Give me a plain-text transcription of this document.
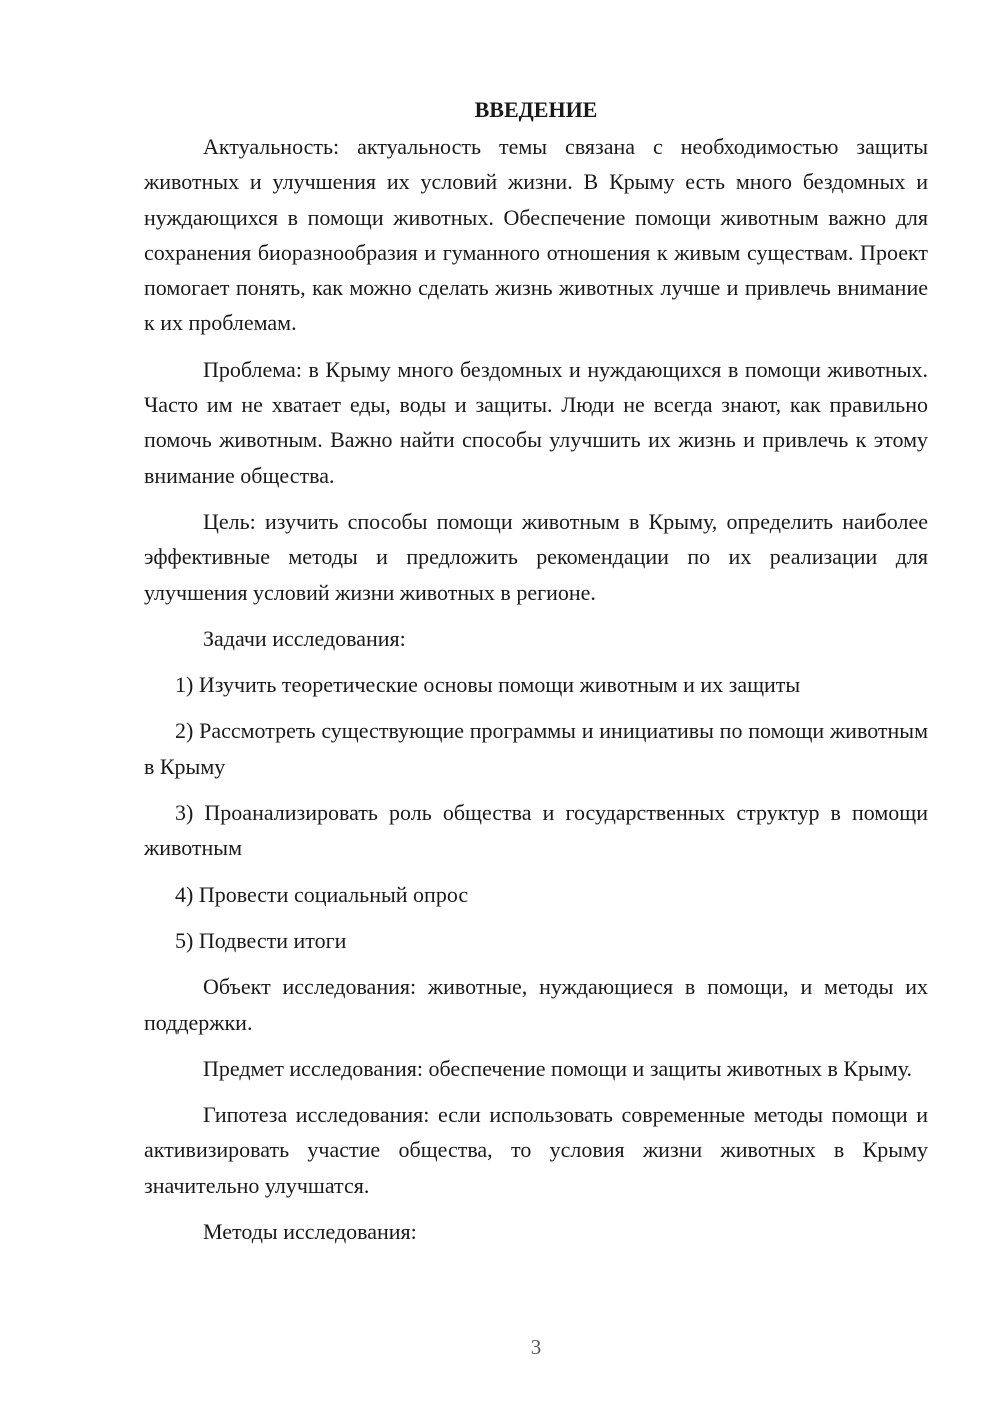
ВВЕДЕНИЕ

Актуальность: актуальность темы связана с необходимостью защиты животных и улучшения их условий жизни. В Крыму есть много бездомных и нуждающихся в помощи животных. Обеспечение помощи животным важно для сохранения биоразнообразия и гуманного отношения к живым существам. Проект помогает понять, как можно сделать жизнь животных лучше и привлечь внимание к их проблемам.

Проблема: в Крыму много бездомных и нуждающихся в помощи животных. Часто им не хватает еды, воды и защиты. Люди не всегда знают, как правильно помочь животным. Важно найти способы улучшить их жизнь и привлечь к этому внимание общества.

Цель: изучить способы помощи животным в Крыму, определить наиболее эффективные методы и предложить рекомендации по их реализации для улучшения условий жизни животных в регионе.

Задачи исследования:

1) Изучить теоретические основы помощи животным и их защиты

2) Рассмотреть существующие программы и инициативы по помощи животным в Крыму

3) Проанализировать роль общества и государственных структур в помощи животным

4) Провести социальный опрос

5) Подвести итоги

Объект исследования: животные, нуждающиеся в помощи, и методы их поддержки.

Предмет исследования: обеспечение помощи и защиты животных в Крыму.

Гипотеза исследования: если использовать современные методы помощи и активизировать участие общества, то условия жизни животных в Крыму значительно улучшатся.

Методы исследования:

3
